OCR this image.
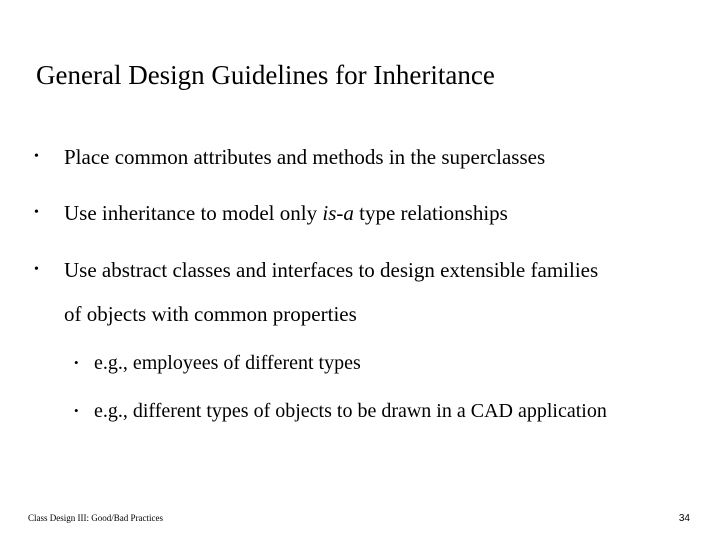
General Design Guidelines for Inheritance
• Place common attributes and methods in the superclasses
• Use inheritance to model only is-a type relationships
• Use abstract classes and interfaces to design extensible families
of objects with common properties
• e.g., employees of different types
• e.g., different types of objects to be drawn in a CAD application
Class Design III: Good/Bad Practices	34
